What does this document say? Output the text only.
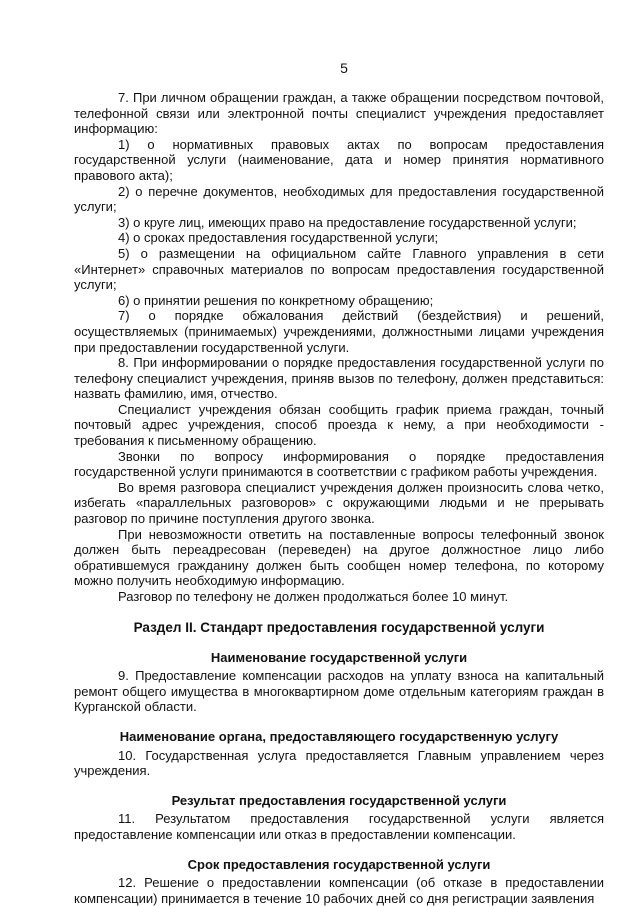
5

7. При личном обращении граждан, а также обращении посредством почтовой, телефонной связи или электронной почты специалист учреждения предоставляет информацию:

1) о нормативных правовых актах по вопросам предоставления государственной услуги (наименование, дата и номер принятия нормативного правового акта);

2) о перечне документов, необходимых для предоставления государственной услуги;

3) о круге лиц, имеющих право на предоставление государственной услуги;

4) о сроках предоставления государственной услуги;

5) о размещении на официальном сайте Главного управления в сети «Интернет» справочных материалов по вопросам предоставления государственной услуги;

6) о принятии решения по конкретному обращению;

7) о порядке обжалования действий (бездействия) и решений, осуществляемых (принимаемых) учреждениями, должностными лицами учреждения при предоставлении государственной услуги.

8. При информировании о порядке предоставления государственной услуги по телефону специалист учреждения, приняв вызов по телефону, должен представиться: назвать фамилию, имя, отчество.

Специалист учреждения обязан сообщить график приема граждан, точный почтовый адрес учреждения, способ проезда к нему, а при необходимости - требования к письменному обращению.

Звонки по вопросу информирования о порядке предоставления государственной услуги принимаются в соответствии с графиком работы учреждения.

Во время разговора специалист учреждения должен произносить слова четко, избегать «параллельных разговоров» с окружающими людьми и не прерывать разговор по причине поступления другого звонка.

При невозможности ответить на поставленные вопросы телефонный звонок должен быть переадресован (переведен) на другое должностное лицо либо обратившемуся гражданину должен быть сообщен номер телефона, по которому можно получить необходимую информацию.

Разговор по телефону не должен продолжаться более 10 минут.

Раздел II. Стандарт предоставления государственной услуги
Наименование государственной услуги

9. Предоставление компенсации расходов на уплату взноса на капитальный ремонт общего имущества в многоквартирном доме отдельным категориям граждан в Курганской области.

Наименование органа, предоставляющего государственную услугу

10. Государственная услуга предоставляется Главным управлением через учреждения.

Результат предоставления государственной услуги

11. Результатом предоставления государственной услуги является предоставление компенсации или отказ в предоставлении компенсации.

Срок предоставления государственной услуги

12. Решение о предоставлении компенсации (об отказе в предоставлении компенсации) принимается в течение 10 рабочих дней со дня регистрации заявления
